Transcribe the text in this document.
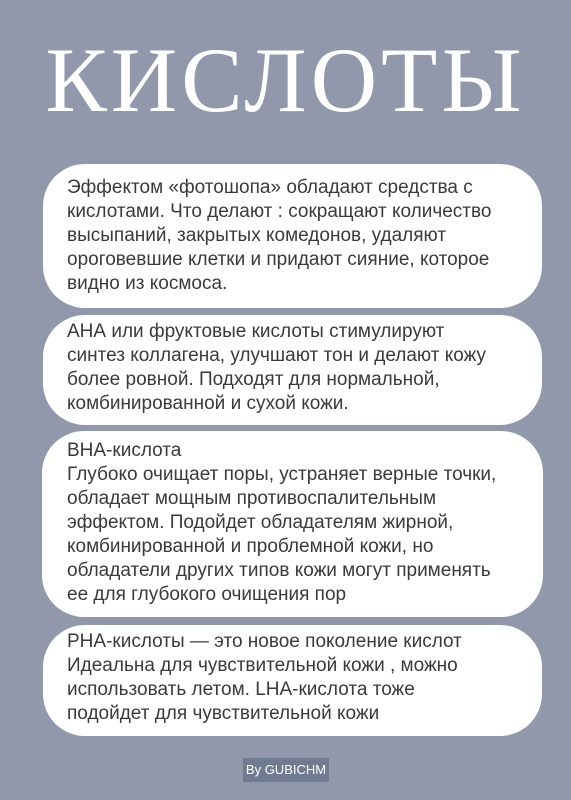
КИСЛОТЫ

Эффектом «фотошопа» обладают средства с
кислотами. Что делают : сокращают количество
высыпаний, закрытых комедонов, удаляют
ороговевшие клетки и придают сияние, которое
видно из космоса.

АНА или фруктовые кислоты стимулируют
синтез коллагена, улучшают тон и делают кожу
более ровной. Подходят для нормальной,
комбинированной и сухой кожи.

ВНА-кислота
Глубоко очищает поры, устраняет верные точки,
обладает мощным противоспалительным
эффектом. Подойдет обладателям жирной,
комбинированной и проблемной кожи, но
обладатели других типов кожи могут применять
ее для глубокого очищения пор

РНА-кислоты — это новое поколение кислот
Идеальна для чувствительной кожи , можно
использовать летом. LHA-кислота тоже
подойдет для чувствительной кожи

By GUBICHM
